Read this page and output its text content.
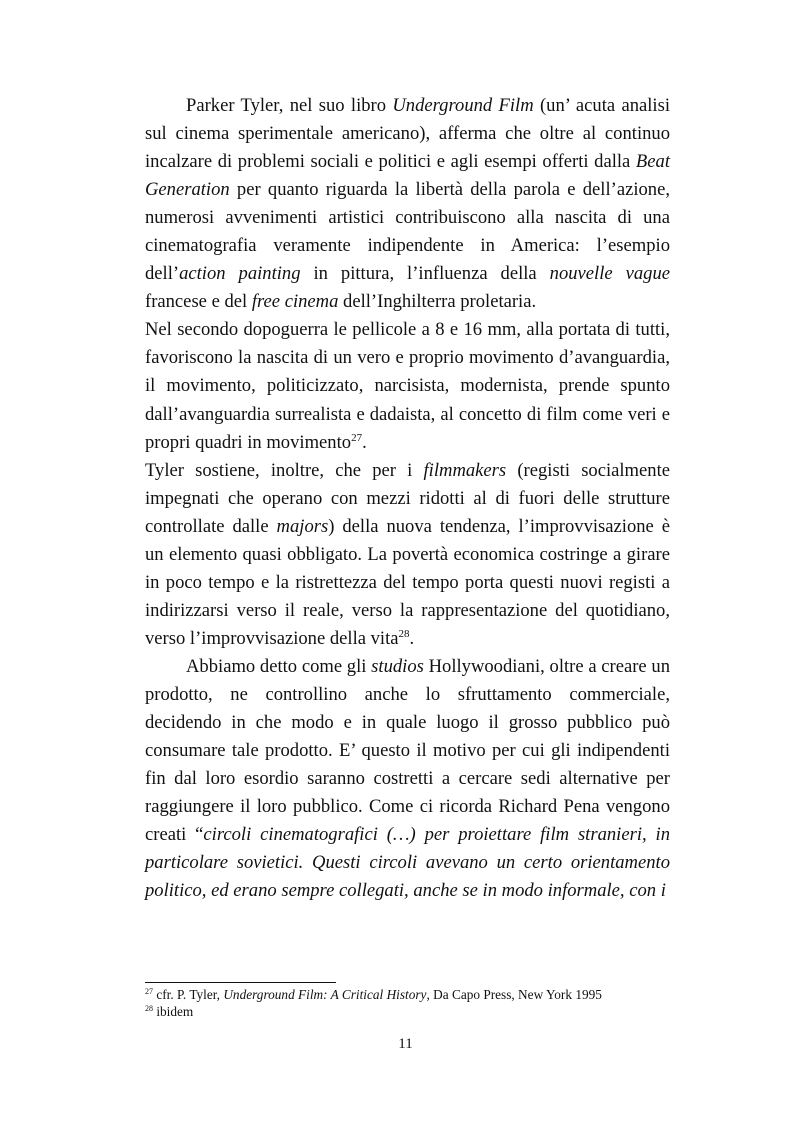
Parker Tyler, nel suo libro Underground Film (un’ acuta analisi sul cinema sperimentale americano), afferma che oltre al continuo incalzare di problemi sociali e politici e agli esempi offerti dalla Beat Generation per quanto riguarda la libertà della parola e dell’azione, numerosi avvenimenti artistici contribuiscono alla nascita di una cinematografia veramente indipendente in America: l’esempio dell’action painting in pittura, l’influenza della nouvelle vague francese e del free cinema dell’Inghilterra proletaria.

Nel secondo dopoguerra le pellicole a 8 e 16 mm, alla portata di tutti, favoriscono la nascita di un vero e proprio movimento d’avanguardia, il movimento, politicizzato, narcisista, modernista, prende spunto dall’avanguardia surrealista e dadaista, al concetto di film come veri e propri quadri in movimento$^{27}$.

Tyler sostiene, inoltre, che per i filmmakers (registi socialmente impegnati che operano con mezzi ridotti al di fuori delle strutture controllate dalle majors) della nuova tendenza, l’improvvisazione è un elemento quasi obbligato. La povertà economica costringe a girare in poco tempo e la ristrettezza del tempo porta questi nuovi registi a indirizzarsi verso il reale, verso la rappresentazione del quotidiano, verso l’improvvisazione della vita$^{28}$.

Abbiamo detto come gli studios Hollywoodiani, oltre a creare un prodotto, ne controllino anche lo sfruttamento commerciale, decidendo in che modo e in quale luogo il grosso pubblico può consumare tale prodotto. E’ questo il motivo per cui gli indipendenti fin dal loro esordio saranno costretti a cercare sedi alternative per raggiungere il loro pubblico. Come ci ricorda Richard Pena vengono creati “circoli cinematografici (…) per proiettare film stranieri, in particolare sovietici. Questi circoli avevano un certo orientamento politico, ed erano sempre collegati, anche se in modo informale, con i

$^{27}$ cfr. P. Tyler, Underground Film: A Critical History, Da Capo Press, New York 1995
$^{28}$ ibidem
11
